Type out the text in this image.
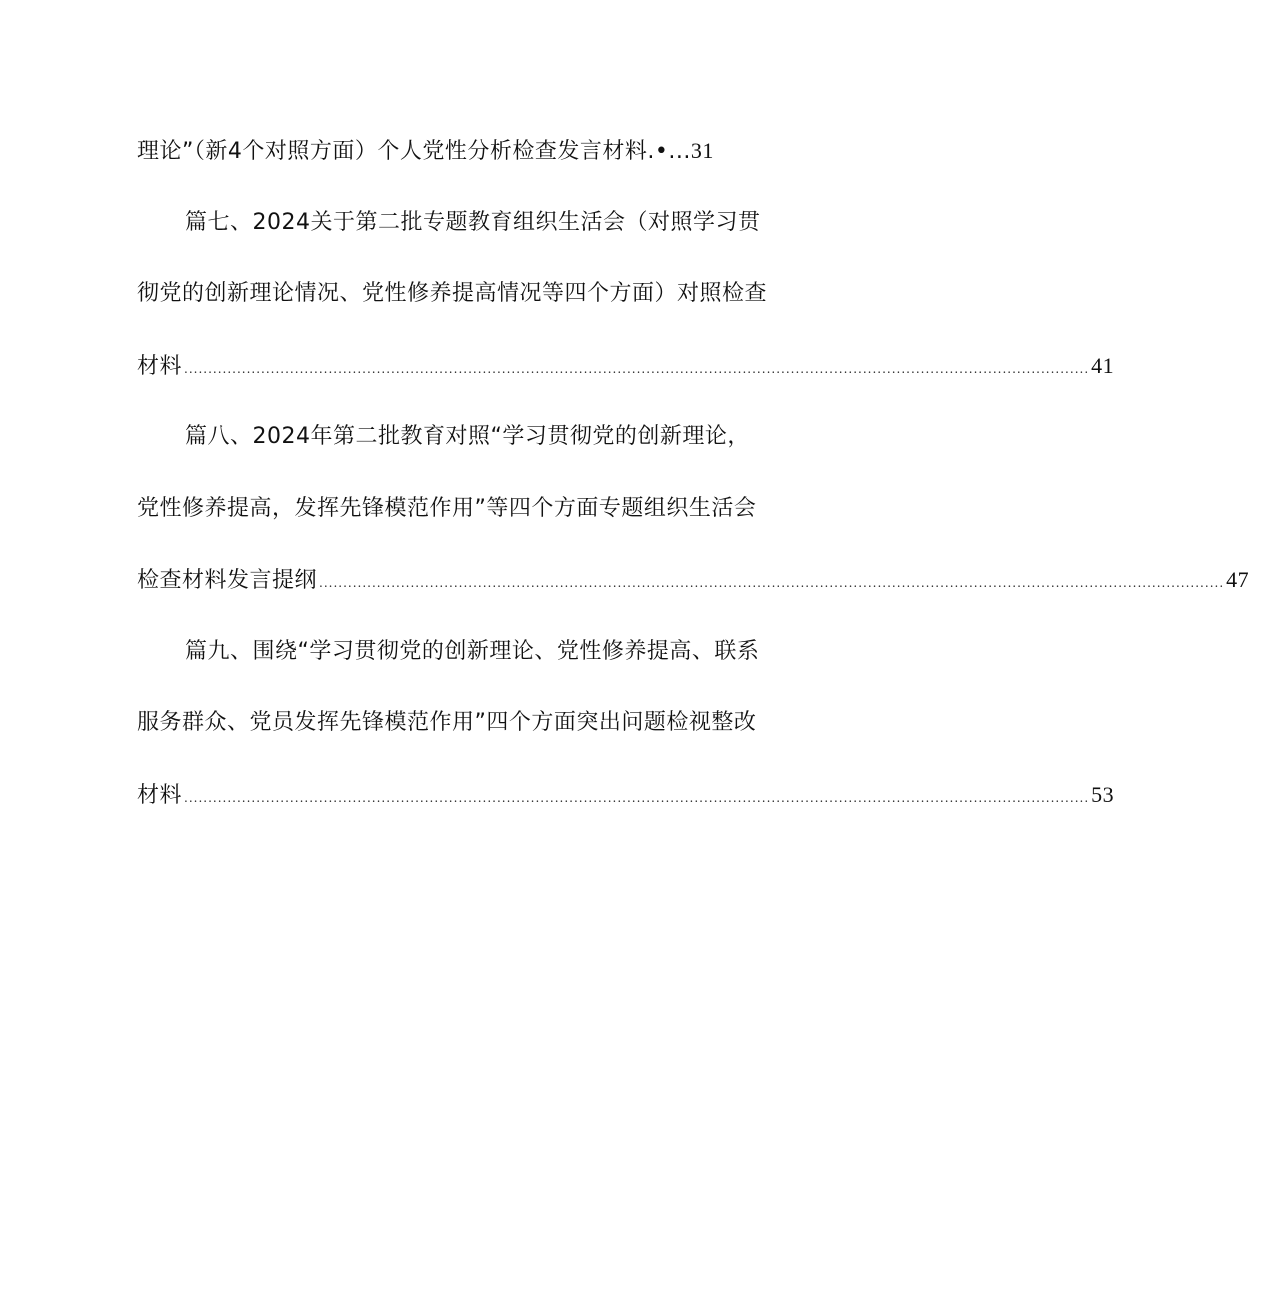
理论”（新4个对照方面）个人党性分析检查发言材料.•...31
篇七、2024关于第二批专题教育组织生活会（对照学习贯
彻党的创新理论情况、党性修养提高情况等四个方面）对照检查
材料 ............................................................................................................................................................................................ 41
篇八、2024年第二批教育对照“学习贯彻党的创新理论，
党性修养提高，发挥先锋模范作用”等四个方面专题组织生活会
检查材料发言提纲 ............................................................................................................................................................................................ 47
篇九、围绕“学习贯彻党的创新理论、党性修养提高、联系
服务群众、党员发挥先锋模范作用”四个方面突出问题检视整改
材料 ............................................................................................................................................................................................ 53
